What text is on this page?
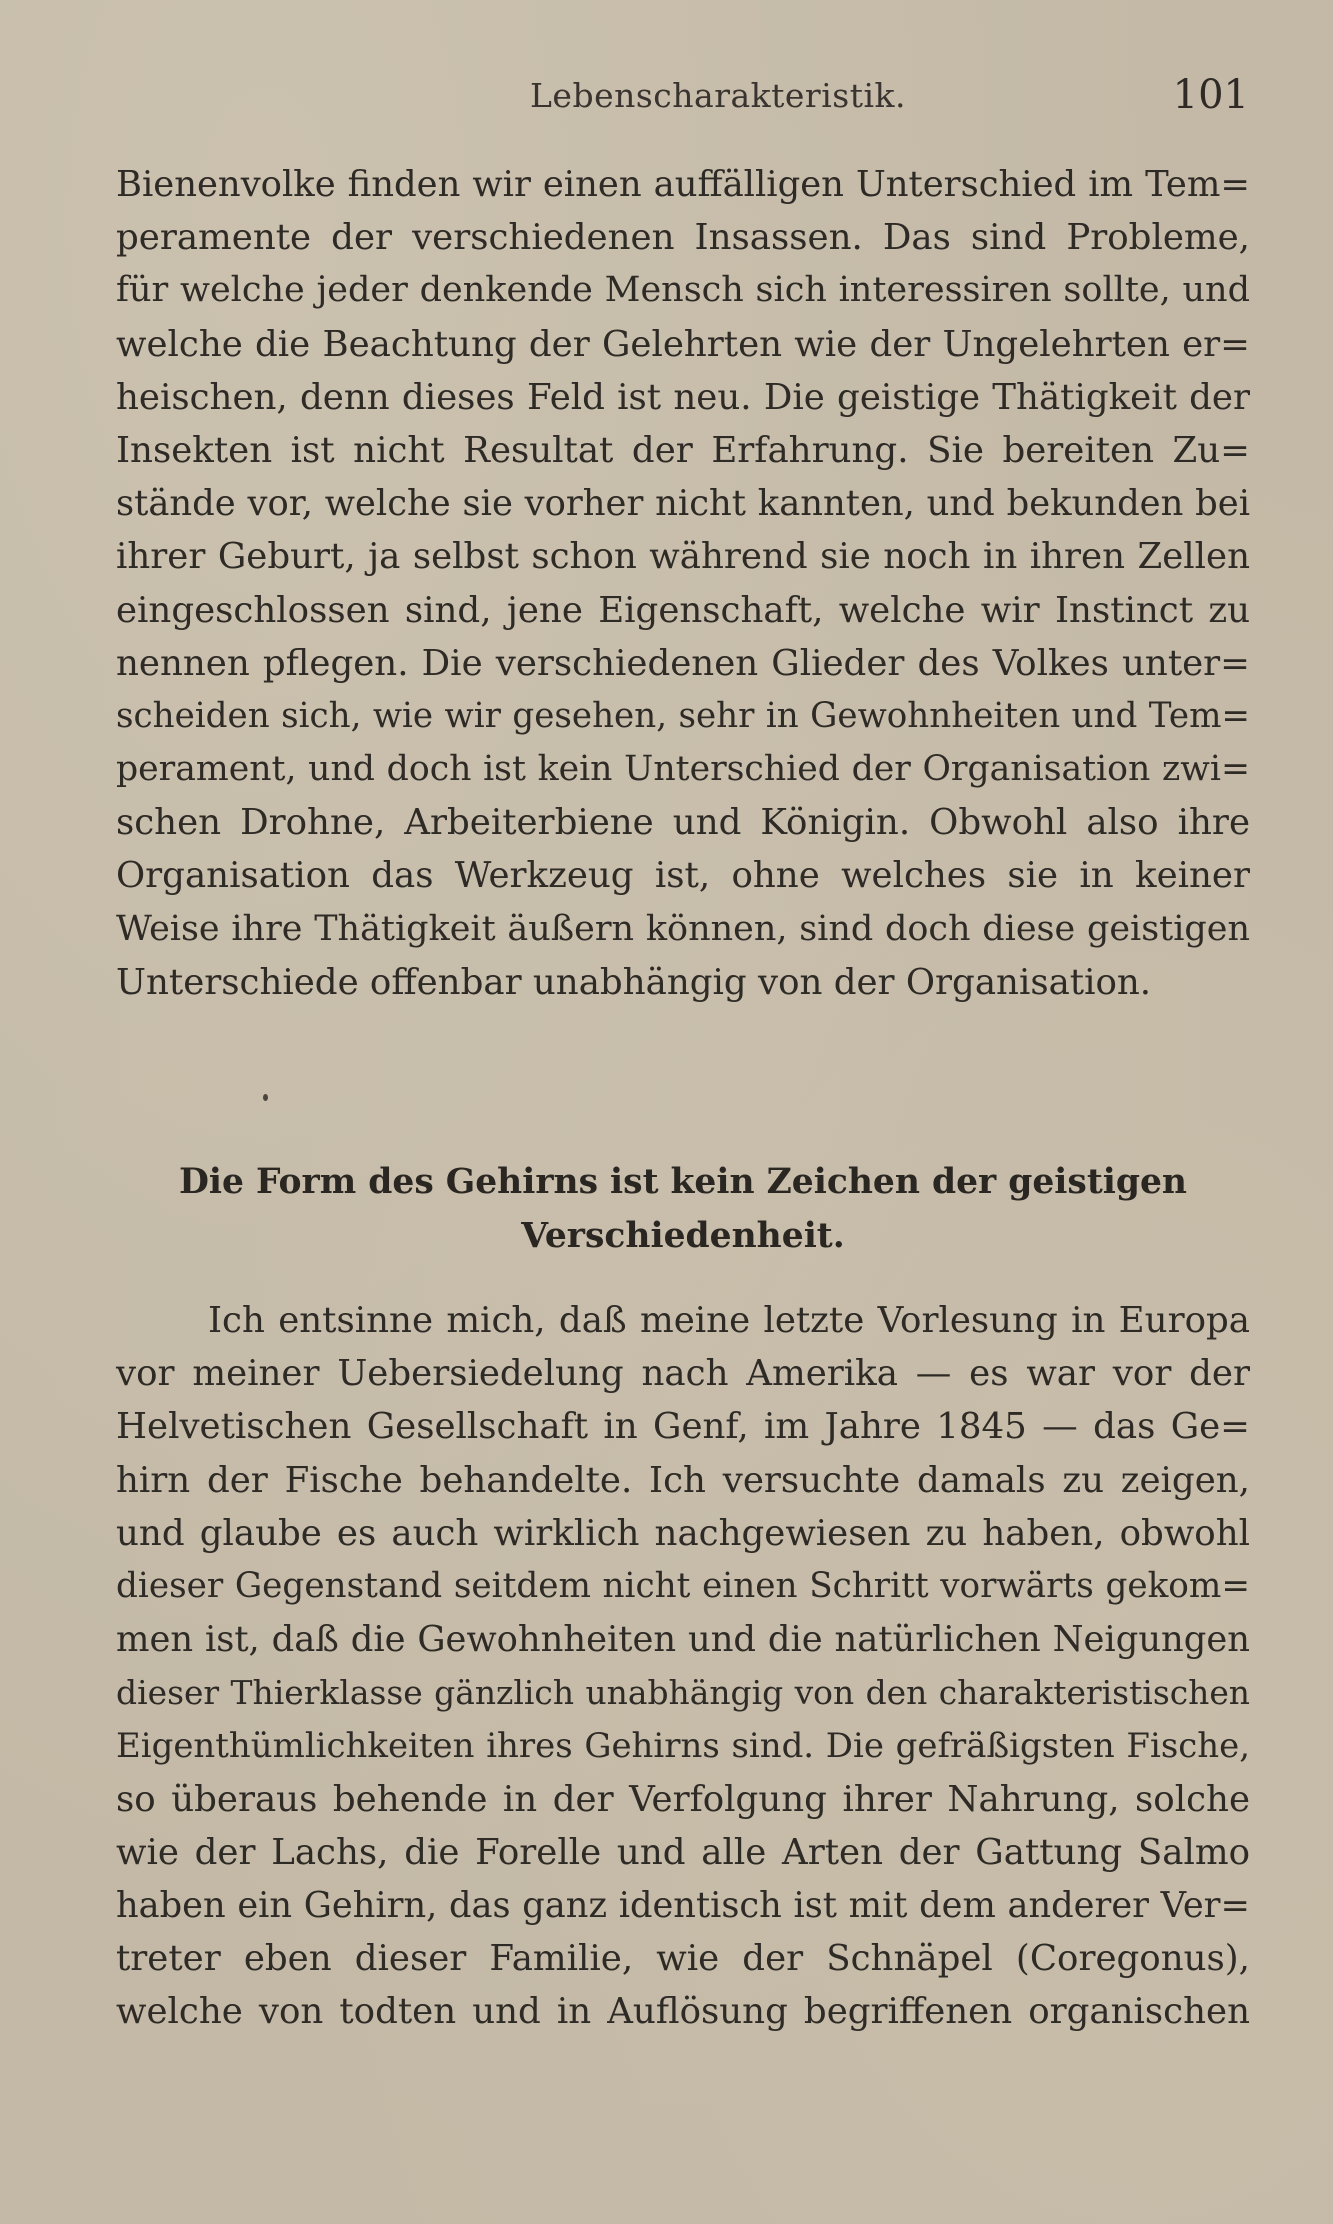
Lebenscharakteristik.	101
Bienenvolke finden wir einen auffälligen Unterschied im Tem=
peramente der verschiedenen Insassen. Das sind Probleme,
für welche jeder denkende Mensch sich interessiren sollte, und
welche die Beachtung der Gelehrten wie der Ungelehrten er=
heischen, denn dieses Feld ist neu. Die geistige Thätigkeit der
Insekten ist nicht Resultat der Erfahrung. Sie bereiten Zu=
stände vor, welche sie vorher nicht kannten, und bekunden bei
ihrer Geburt, ja selbst schon während sie noch in ihren Zellen
eingeschlossen sind, jene Eigenschaft, welche wir Instinct zu
nennen pflegen. Die verschiedenen Glieder des Volkes unter=
scheiden sich, wie wir gesehen, sehr in Gewohnheiten und Tem=
perament, und doch ist kein Unterschied der Organisation zwi=
schen Drohne, Arbeiterbiene und Königin. Obwohl also ihre
Organisation das Werkzeug ist, ohne welches sie in keiner
Weise ihre Thätigkeit äußern können, sind doch diese geistigen
Unterschiede offenbar unabhängig von der Organisation.
Die Form des Gehirns ist kein Zeichen der geistigen
Verschiedenheit.
Ich entsinne mich, daß meine letzte Vorlesung in Europa
vor meiner Uebersiedelung nach Amerika — es war vor der
Helvetischen Gesellschaft in Genf, im Jahre 1845 — das Ge=
hirn der Fische behandelte. Ich versuchte damals zu zeigen,
und glaube es auch wirklich nachgewiesen zu haben, obwohl
dieser Gegenstand seitdem nicht einen Schritt vorwärts gekom=
men ist, daß die Gewohnheiten und die natürlichen Neigungen
dieser Thierklasse gänzlich unabhängig von den charakteristischen
Eigenthümlichkeiten ihres Gehirns sind. Die gefräßigsten Fische,
so überaus behende in der Verfolgung ihrer Nahrung, solche
wie der Lachs, die Forelle und alle Arten der Gattung Salmo
haben ein Gehirn, das ganz identisch ist mit dem anderer Ver=
treter eben dieser Familie, wie der Schnäpel (Coregonus),
welche von todten und in Auflösung begriffenen organischen
